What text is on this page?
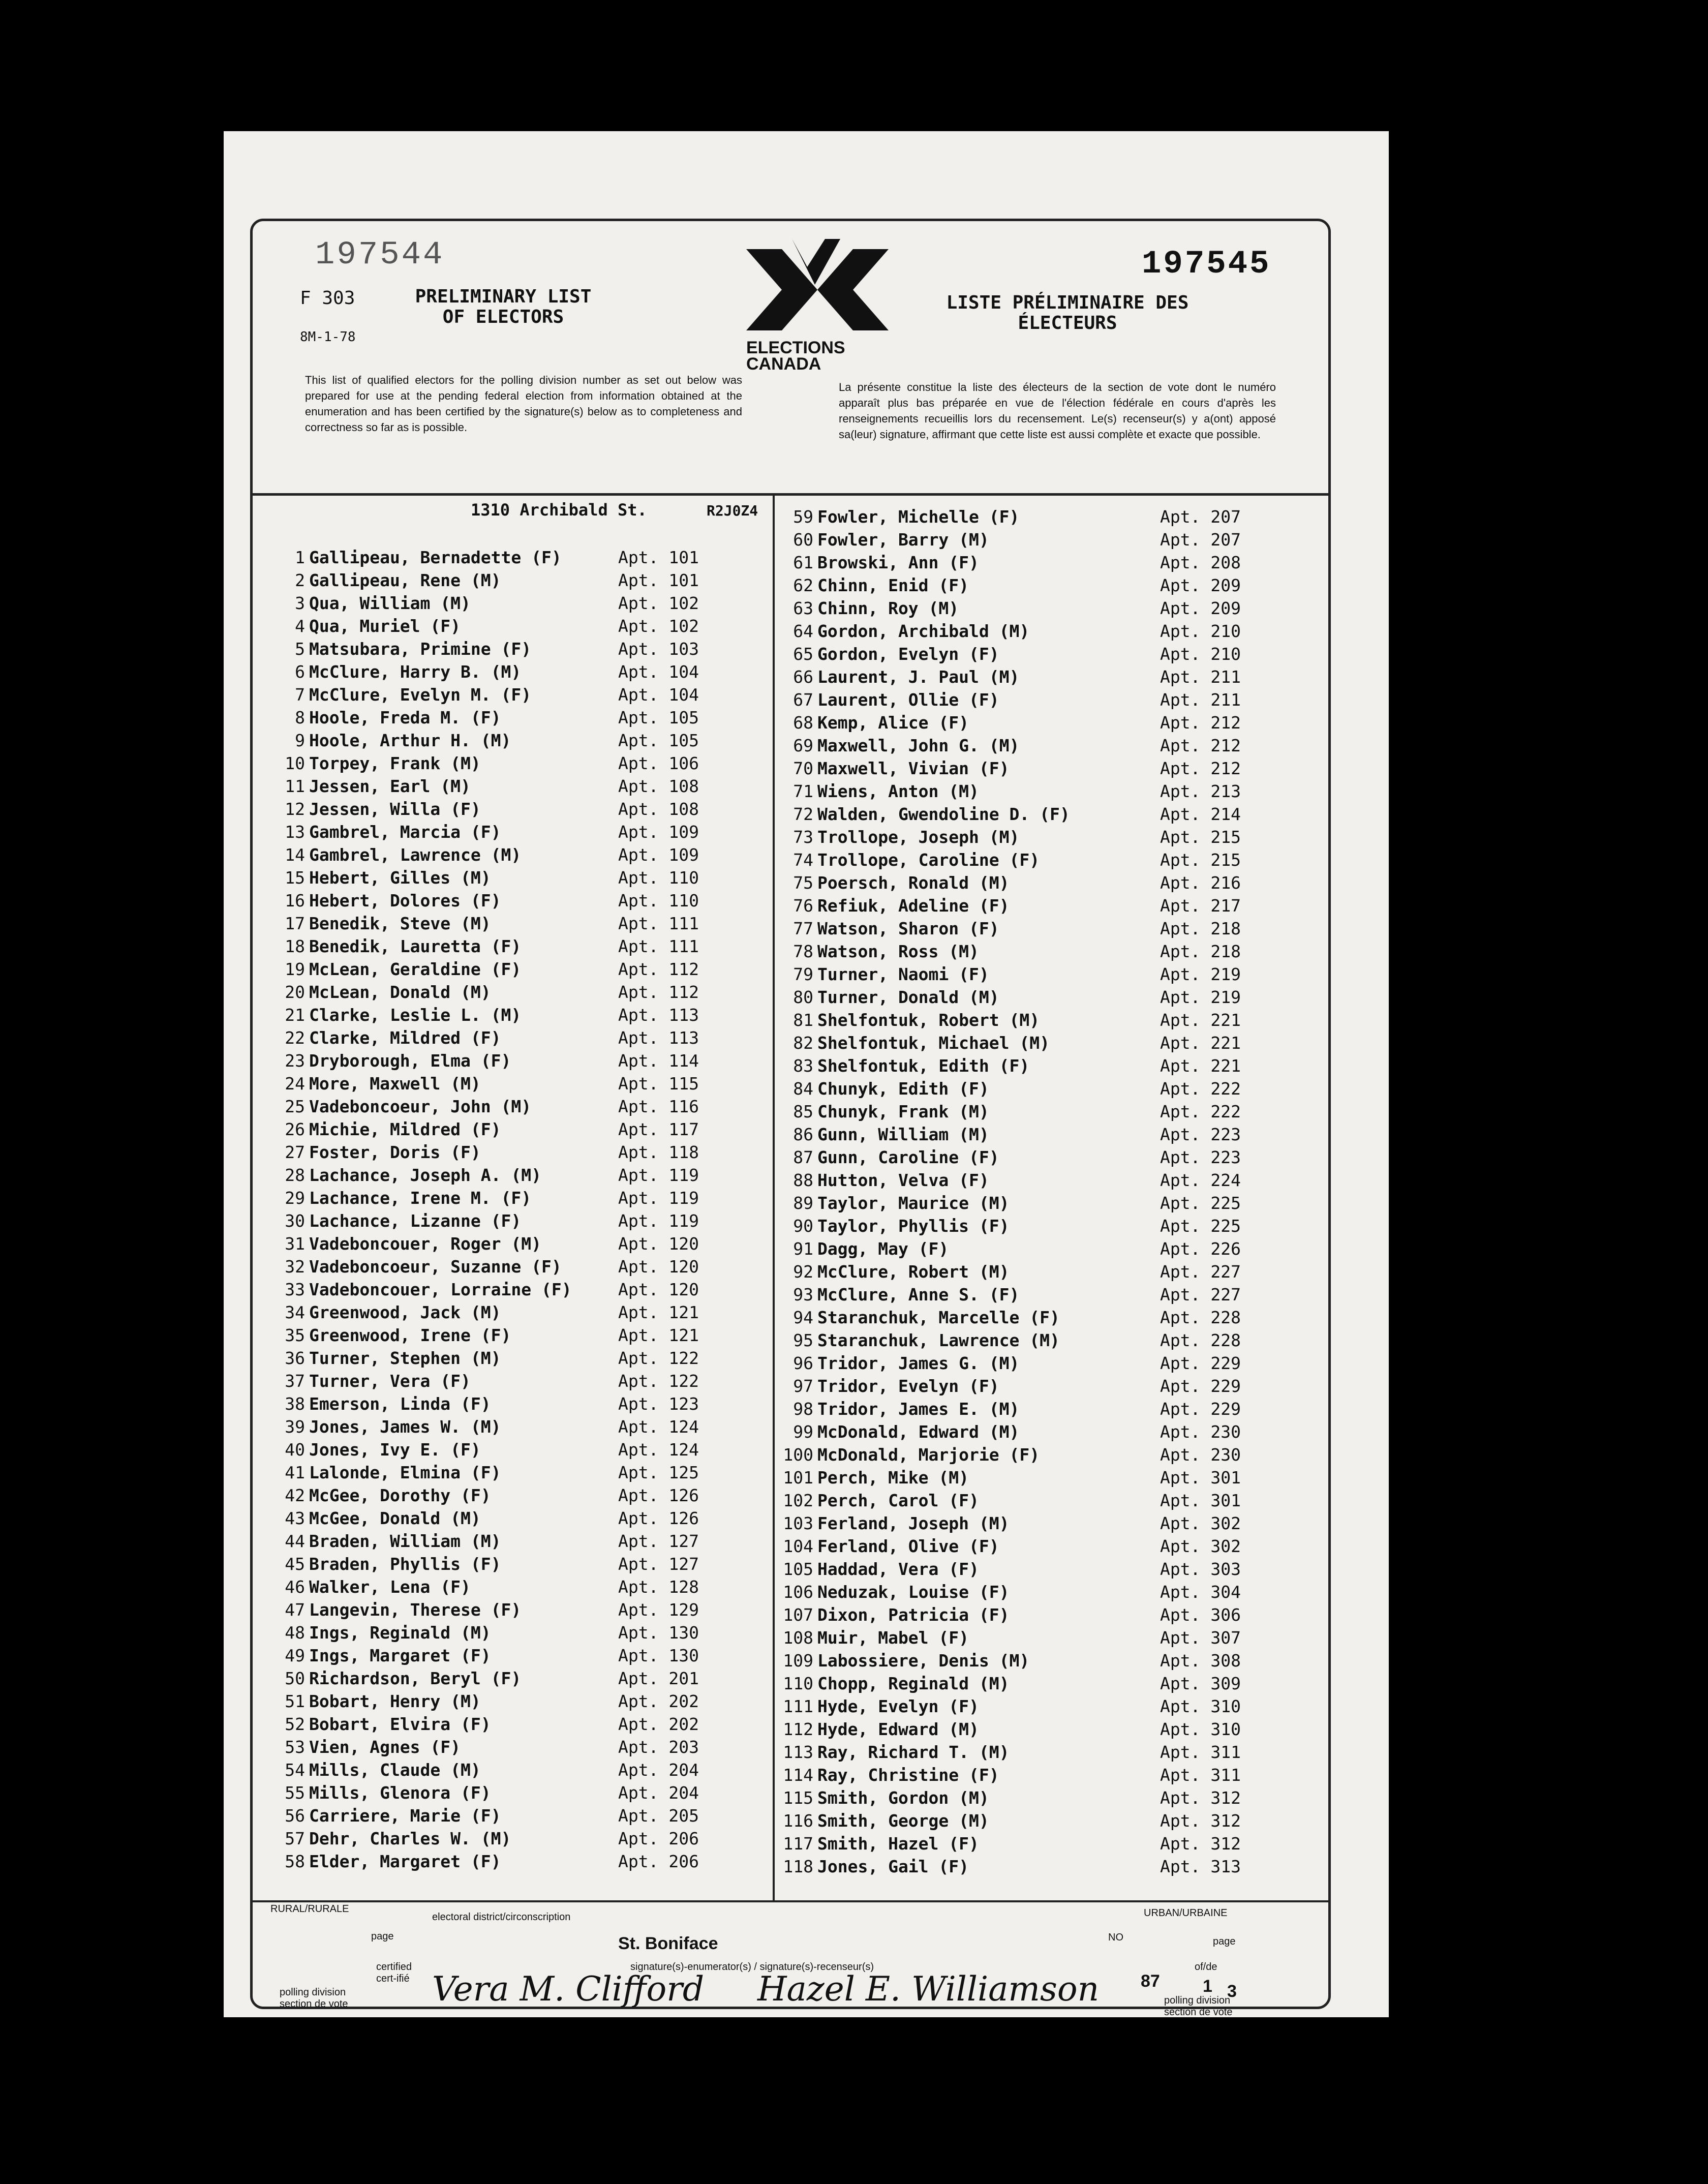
197544	197545
F 303
8M-1-78
PRELIMINARY LIST OF ELECTORS
LISTE PRÉLIMINAIRE DES ÉLECTEURS
ELECTIONS CANADA
This list of qualified electors for the polling division number as set out below was prepared for use at the pending federal election from information obtained at the enumeration and has been certified by the signature(s) below as to completeness and correctness so far as is possible.
La présente constitue la liste des électeurs de la section de vote dont le numéro apparaît plus bas préparée en vue de l'élection fédérale en cours d'après les renseignements recueillis lors du recensement. Le(s) recenseur(s) y a(ont) apposé sa(leur) signature, affirmant que cette liste est aussi complète et exacte que possible.
1310 Archibald St.	R2J0Z4
1 Gallipeau, Bernadette (F)	Apt. 101
2 Gallipeau, Rene (M)	Apt. 101
3 Qua, William (M)	Apt. 102
4 Qua, Muriel (F)	Apt. 102
5 Matsubara, Primine (F)	Apt. 103
6 McClure, Harry B. (M)	Apt. 104
7 McClure, Evelyn M. (F)	Apt. 104
8 Hoole, Freda M. (F)	Apt. 105
9 Hoole, Arthur H. (M)	Apt. 105
10 Torpey, Frank (M)	Apt. 106
11 Jessen, Earl (M)	Apt. 108
12 Jessen, Willa (F)	Apt. 108
13 Gambrel, Marcia (F)	Apt. 109
14 Gambrel, Lawrence (M)	Apt. 109
15 Hebert, Gilles (M)	Apt. 110
16 Hebert, Dolores (F)	Apt. 110
17 Benedik, Steve (M)	Apt. 111
18 Benedik, Lauretta (F)	Apt. 111
19 McLean, Geraldine (F)	Apt. 112
20 McLean, Donald (M)	Apt. 112
21 Clarke, Leslie L. (M)	Apt. 113
22 Clarke, Mildred (F)	Apt. 113
23 Dryborough, Elma (F)	Apt. 114
24 More, Maxwell (M)	Apt. 115
25 Vadeboncoeur, John (M)	Apt. 116
26 Michie, Mildred (F)	Apt. 117
27 Foster, Doris (F)	Apt. 118
28 Lachance, Joseph A. (M)	Apt. 119
29 Lachance, Irene M. (F)	Apt. 119
30 Lachance, Lizanne (F)	Apt. 119
31 Vadeboncouer, Roger (M)	Apt. 120
32 Vadeboncoeur, Suzanne (F)	Apt. 120
33 Vadeboncouer, Lorraine (F)	Apt. 120
34 Greenwood, Jack (M)	Apt. 121
35 Greenwood, Irene (F)	Apt. 121
36 Turner, Stephen (M)	Apt. 122
37 Turner, Vera (F)	Apt. 122
38 Emerson, Linda (F)	Apt. 123
39 Jones, James W. (M)	Apt. 124
40 Jones, Ivy E. (F)	Apt. 124
41 Lalonde, Elmina (F)	Apt. 125
42 McGee, Dorothy (F)	Apt. 126
43 McGee, Donald (M)	Apt. 126
44 Braden, William (M)	Apt. 127
45 Braden, Phyllis (F)	Apt. 127
46 Walker, Lena (F)	Apt. 128
47 Langevin, Therese (F)	Apt. 129
48 Ings, Reginald (M)	Apt. 130
49 Ings, Margaret (F)	Apt. 130
50 Richardson, Beryl (F)	Apt. 201
51 Bobart, Henry (M)	Apt. 202
52 Bobart, Elvira (F)	Apt. 202
53 Vien, Agnes (F)	Apt. 203
54 Mills, Claude (M)	Apt. 204
55 Mills, Glenora (F)	Apt. 204
56 Carriere, Marie (F)	Apt. 205
57 Dehr, Charles W. (M)	Apt. 206
58 Elder, Margaret (F)	Apt. 206
59 Fowler, Michelle (F)	Apt. 207
60 Fowler, Barry (M)	Apt. 207
61 Browski, Ann (F)	Apt. 208
62 Chinn, Enid (F)	Apt. 209
63 Chinn, Roy (M)	Apt. 209
64 Gordon, Archibald (M)	Apt. 210
65 Gordon, Evelyn (F)	Apt. 210
66 Laurent, J. Paul (M)	Apt. 211
67 Laurent, Ollie (F)	Apt. 211
68 Kemp, Alice (F)	Apt. 212
69 Maxwell, John G. (M)	Apt. 212
70 Maxwell, Vivian (F)	Apt. 212
71 Wiens, Anton (M)	Apt. 213
72 Walden, Gwendoline D. (F)	Apt. 214
73 Trollope, Joseph (M)	Apt. 215
74 Trollope, Caroline (F)	Apt. 215
75 Poersch, Ronald (M)	Apt. 216
76 Refiuk, Adeline (F)	Apt. 217
77 Watson, Sharon (F)	Apt. 218
78 Watson, Ross (M)	Apt. 218
79 Turner, Naomi (F)	Apt. 219
80 Turner, Donald (M)	Apt. 219
81 Shelfontuk, Robert (M)	Apt. 221
82 Shelfontuk, Michael (M)	Apt. 221
83 Shelfontuk, Edith (F)	Apt. 221
84 Chunyk, Edith (F)	Apt. 222
85 Chunyk, Frank (M)	Apt. 222
86 Gunn, William (M)	Apt. 223
87 Gunn, Caroline (F)	Apt. 223
88 Hutton, Velva (F)	Apt. 224
89 Taylor, Maurice (M)	Apt. 225
90 Taylor, Phyllis (F)	Apt. 225
91 Dagg, May (F)	Apt. 226
92 McClure, Robert (M)	Apt. 227
93 McClure, Anne S. (F)	Apt. 227
94 Staranchuk, Marcelle (F)	Apt. 228
95 Staranchuk, Lawrence (M)	Apt. 228
96 Tridor, James G. (M)	Apt. 229
97 Tridor, Evelyn (F)	Apt. 229
98 Tridor, James E. (M)	Apt. 229
99 McDonald, Edward (M)	Apt. 230
100 McDonald, Marjorie (F)	Apt. 230
101 Perch, Mike (M)	Apt. 301
102 Perch, Carol (F)	Apt. 301
103 Ferland, Joseph (M)	Apt. 302
104 Ferland, Olive (F)	Apt. 302
105 Haddad, Vera (F)	Apt. 303
106 Neduzak, Louise (F)	Apt. 304
107 Dixon, Patricia (F)	Apt. 306
108 Muir, Mabel (F)	Apt. 307
109 Labossiere, Denis (M)	Apt. 308
110 Chopp, Reginald (M)	Apt. 309
111 Hyde, Evelyn (F)	Apt. 310
112 Hyde, Edward (M)	Apt. 310
113 Ray, Richard T. (M)	Apt. 311
114 Ray, Christine (F)	Apt. 311
115 Smith, Gordon (M)	Apt. 312
116 Smith, George (M)	Apt. 312
117 Smith, Hazel (F)	Apt. 312
118 Jones, Gail (F)	Apt. 313
RURAL/RURALE	URBAN/URBAINE
electoral district/circonscription
page	NO	page
St. Boniface
certified cert-ifié
signature(s)-enumerator(s) / signature(s)-recenseur(s)	of/de
87 1 3
polling division section de vote	polling division section de vote
Vera M. Clifford Hazel E. Williamson
